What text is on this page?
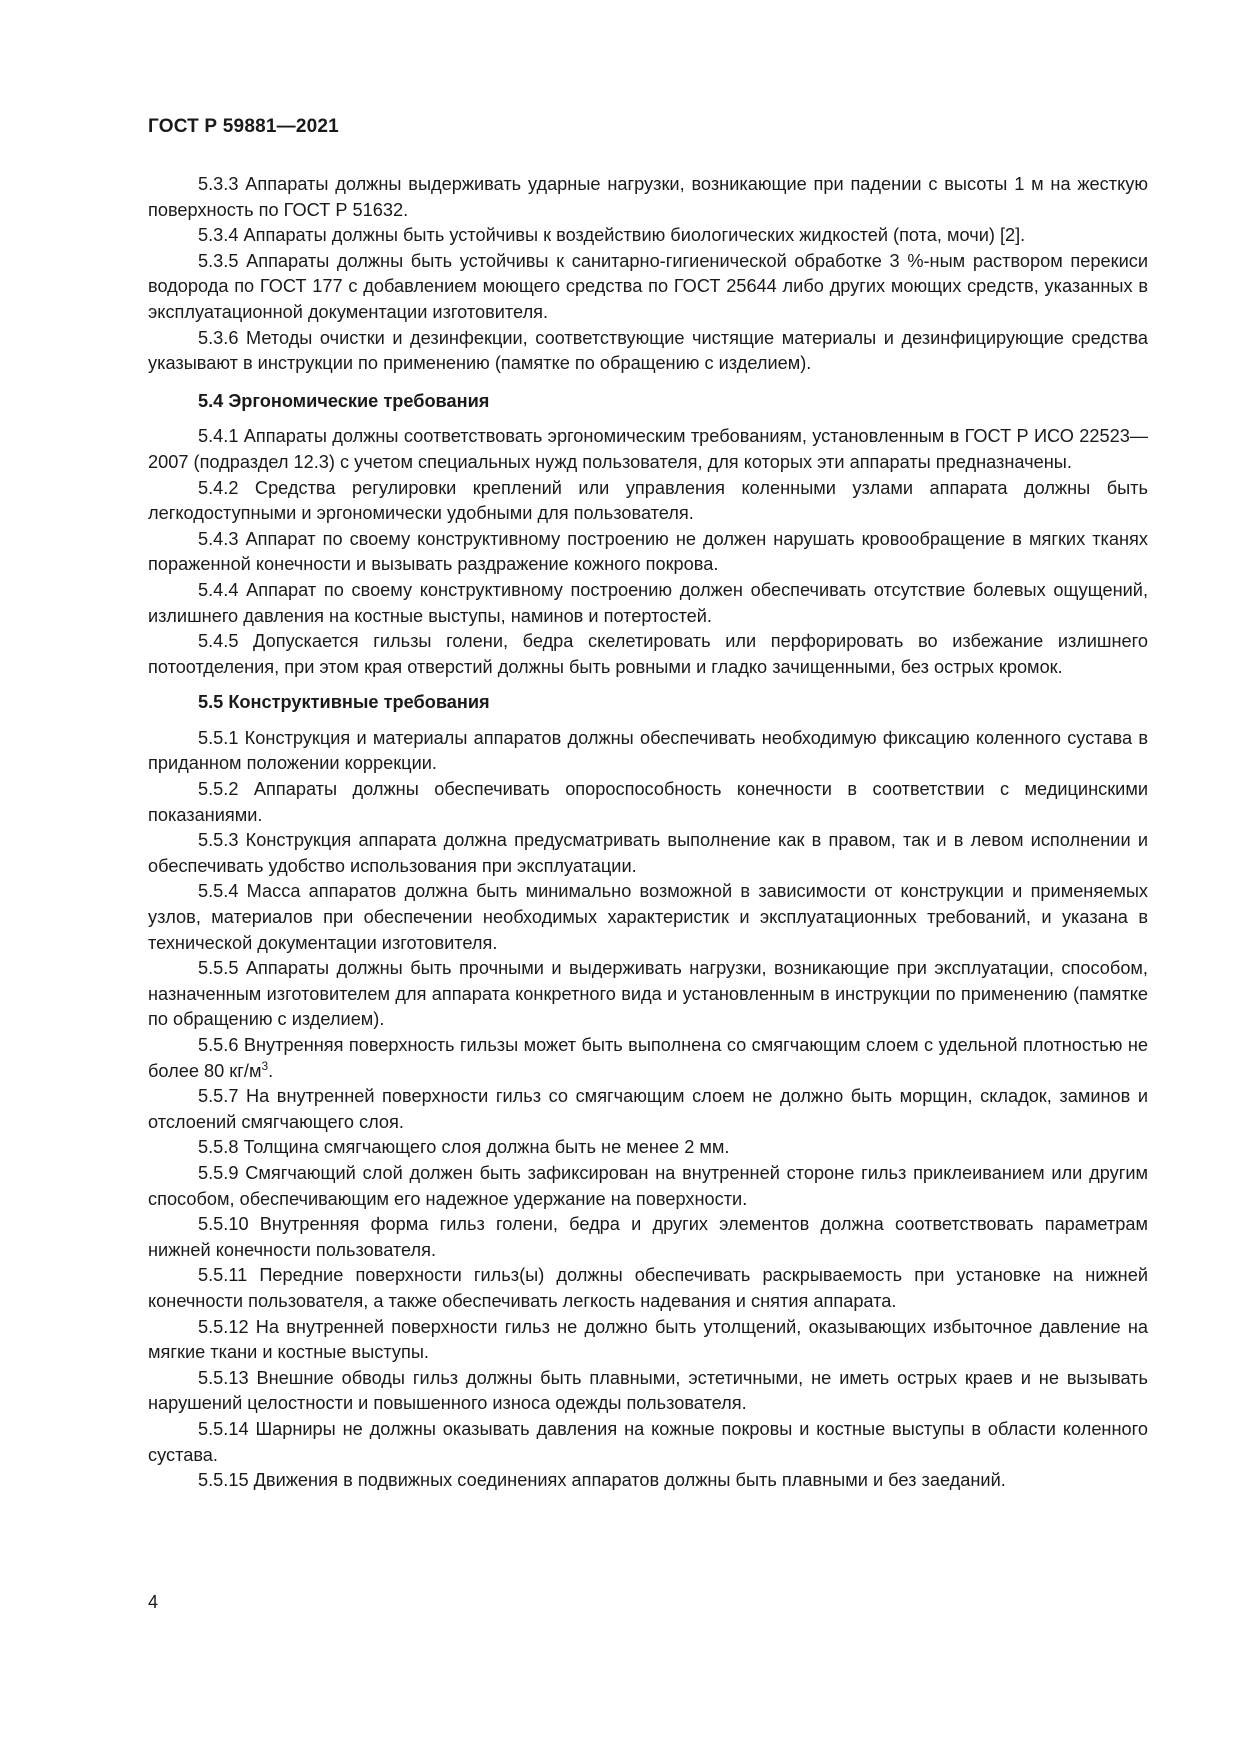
ГОСТ Р 59881—2021

5.3.3 Аппараты должны выдерживать ударные нагрузки, возникающие при падении с высоты 1 м на жесткую поверхность по ГОСТ Р 51632.

5.3.4 Аппараты должны быть устойчивы к воздействию биологических жидкостей (пота, мочи) [2].

5.3.5 Аппараты должны быть устойчивы к санитарно-гигиенической обработке 3 %-ным раствором перекиси водорода по ГОСТ 177 с добавлением моющего средства по ГОСТ 25644 либо других моющих средств, указанных в эксплуатационной документации изготовителя.

5.3.6 Методы очистки и дезинфекции, соответствующие чистящие материалы и дезинфицирующие средства указывают в инструкции по применению (памятке по обращению с изделием).

5.4 Эргономические требования

5.4.1 Аппараты должны соответствовать эргономическим требованиям, установленным в ГОСТ Р ИСО 22523—2007 (подраздел 12.3) с учетом специальных нужд пользователя, для которых эти аппараты предназначены.

5.4.2 Средства регулировки креплений или управления коленными узлами аппарата должны быть легкодоступными и эргономически удобными для пользователя.

5.4.3 Аппарат по своему конструктивному построению не должен нарушать кровообращение в мягких тканях пораженной конечности и вызывать раздражение кожного покрова.

5.4.4 Аппарат по своему конструктивному построению должен обеспечивать отсутствие болевых ощущений, излишнего давления на костные выступы, наминов и потертостей.

5.4.5 Допускается гильзы голени, бедра скелетировать или перфорировать во избежание излишнего потоотделения, при этом края отверстий должны быть ровными и гладко зачищенными, без острых кромок.

5.5 Конструктивные требования

5.5.1 Конструкция и материалы аппаратов должны обеспечивать необходимую фиксацию коленного сустава в приданном положении коррекции.

5.5.2 Аппараты должны обеспечивать опороспособность конечности в соответствии с медицинскими показаниями.

5.5.3 Конструкция аппарата должна предусматривать выполнение как в правом, так и в левом исполнении и обеспечивать удобство использования при эксплуатации.

5.5.4 Масса аппаратов должна быть минимально возможной в зависимости от конструкции и применяемых узлов, материалов при обеспечении необходимых характеристик и эксплуатационных требований, и указана в технической документации изготовителя.

5.5.5 Аппараты должны быть прочными и выдерживать нагрузки, возникающие при эксплуатации, способом, назначенным изготовителем для аппарата конкретного вида и установленным в инструкции по применению (памятке по обращению с изделием).

5.5.6 Внутренняя поверхность гильзы может быть выполнена со смягчающим слоем с удельной плотностью не более 80 $кг/м^3$.

5.5.7 На внутренней поверхности гильз со смягчающим слоем не должно быть морщин, складок, заминов и отслоений смягчающего слоя.

5.5.8 Толщина смягчающего слоя должна быть не менее 2 мм.

5.5.9 Смягчающий слой должен быть зафиксирован на внутренней стороне гильз приклеиванием или другим способом, обеспечивающим его надежное удержание на поверхности.

5.5.10 Внутренняя форма гильз голени, бедра и других элементов должна соответствовать параметрам нижней конечности пользователя.

5.5.11 Передние поверхности гильз(ы) должны обеспечивать раскрываемость при установке на нижней конечности пользователя, а также обеспечивать легкость надевания и снятия аппарата.

5.5.12 На внутренней поверхности гильз не должно быть утолщений, оказывающих избыточное давление на мягкие ткани и костные выступы.

5.5.13 Внешние обводы гильз должны быть плавными, эстетичными, не иметь острых краев и не вызывать нарушений целостности и повышенного износа одежды пользователя.

5.5.14 Шарниры не должны оказывать давления на кожные покровы и костные выступы в области коленного сустава.

5.5.15 Движения в подвижных соединениях аппаратов должны быть плавными и без заеданий.

4
